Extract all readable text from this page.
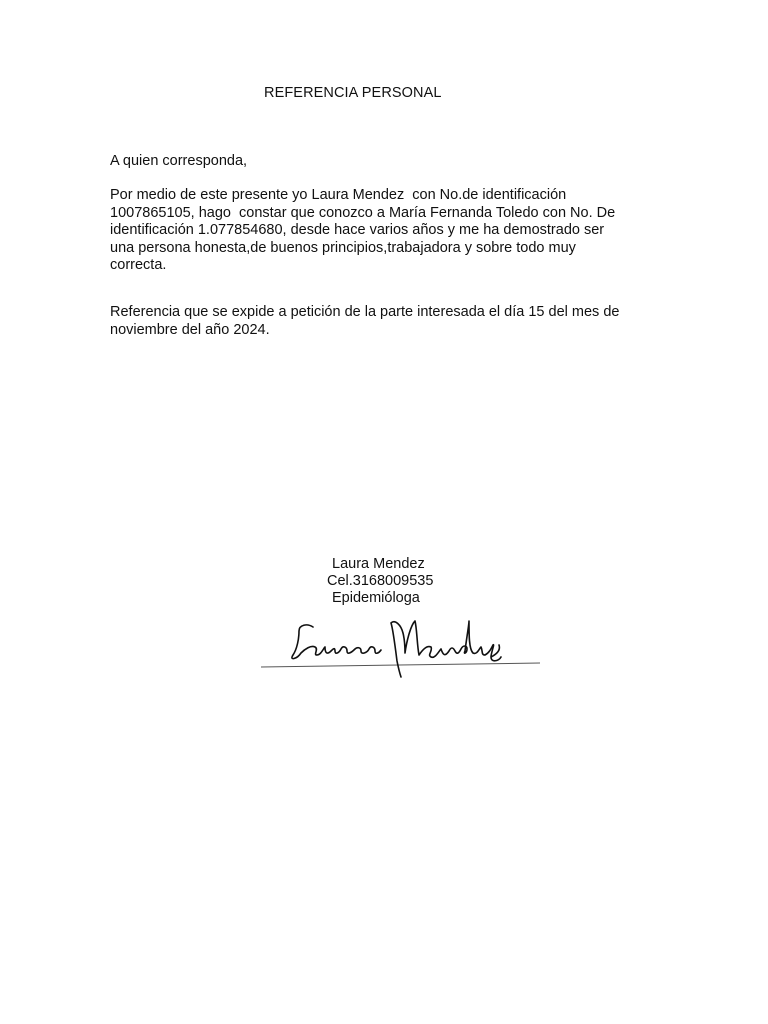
REFERENCIA PERSONAL
A quien corresponda,
Por medio de este presente yo Laura Mendez  con No.de identificación
1007865105, hago  constar que conozco a María Fernanda Toledo con No. De
identificación 1.077854680, desde hace varios años y me ha demostrado ser
una persona honesta,de buenos principios,trabajadora y sobre todo muy
correcta.
Referencia que se expide a petición de la parte interesada el día 15 del mes de
noviembre del año 2024.
Laura Mendez
Cel.3168009535
Epidemióloga
